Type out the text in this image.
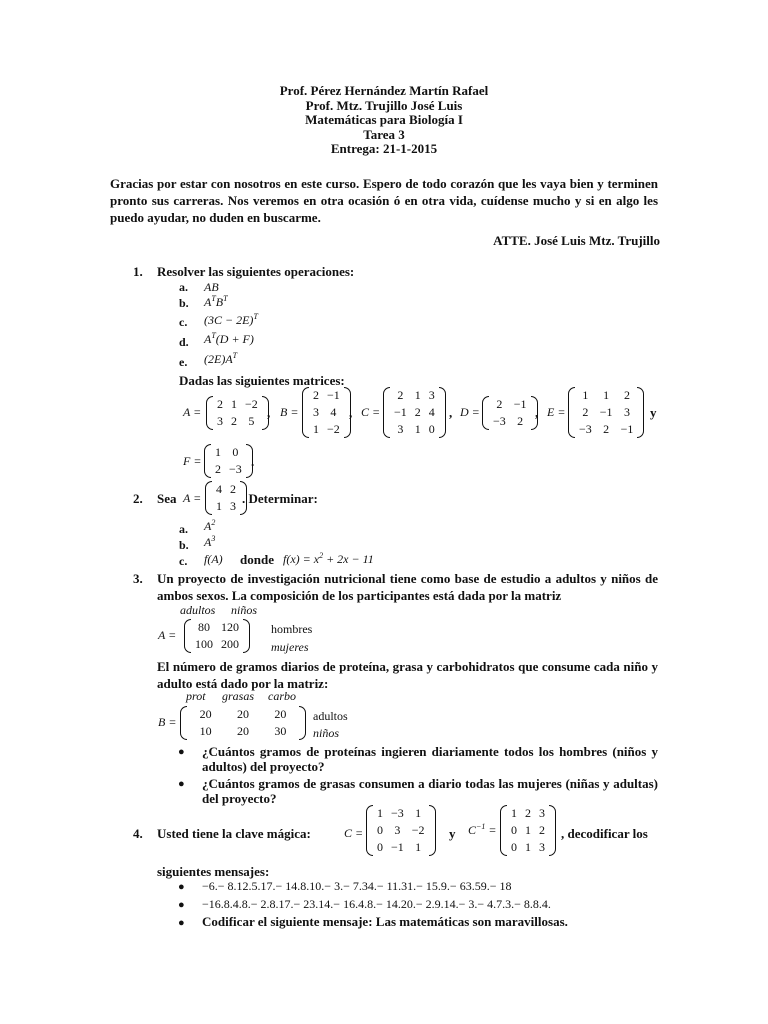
Prof. Pérez Hernández Martín Rafael
Prof. Mtz. Trujillo José Luis
Matemáticas para Biología I
Tarea 3
Entrega: 21-1-2015
Gracias por estar con nosotros en este curso. Espero de todo corazón que les vaya bien y terminen pronto sus carreras. Nos veremos en otra ocasión ó en otra vida, cuídense mucho y si en algo les puedo ayudar, no duden en buscarme.
ATTE. José Luis Mtz. Trujillo
1. Resolver las siguientes operaciones:
a. AB
b. $A^TB^T$
c. $(3C - 2E)^T$
d. $A^T(D + F)$
e. $(2E)A^T$
Dadas las siguientes matrices:
A =
2	1	−2
3	2	5
, B =
2	−1
3	4
1	−2
, C =
2	1	3
−1	2	4
3	1	0
, D =
2	−1
−3	2
, E =
1	1	2
2	−1	3
−3	2	−1
y
F =
1	0
2	−3 .
2. Sea A =
4	2
1	3 . Determinar:
a. $A^2$
b. $A^3$
c. f(A) donde $f(x) = x^2 + 2x - 11$
3. Un proyecto de investigación nutricional tiene como base de estudio a adultos y niños de ambos sexos. La composición de los participantes está dada por la matriz
adultos niños
A =
80	120
100	200
hombres
mujeres
El número de gramos diarios de proteína, grasa y carbohidratos que consume cada niño y adulto está dado por la matriz:
prot grasas carbo
B =
20	20	20
10	20	30
adultos
niños
● ¿Cuántos gramos de proteínas ingieren diariamente todos los hombres (niños y adultos) del proyecto?
● ¿Cuántos gramos de grasas consumen a diario todas las mujeres (niñas y adultas) del proyecto?
4. Usted tiene la clave mágica:	C =
1	−3	1
0	3	−2
0	−1	1
y $C^{-1}$ =
1	2	3
0	1	2
0	1	3
, decodificar los
siguientes mensajes:
● −6.− 8.12.5.17.− 14.8.10.− 3.− 7.34.− 11.31.− 15.9.− 63.59.− 18
● −16.8.4.8.− 2.8.17.− 23.14.− 16.4.8.− 14.20.− 2.9.14.− 3.− 4.7.3.− 8.8.4.
● Codificar el siguiente mensaje: Las matemáticas son maravillosas.
